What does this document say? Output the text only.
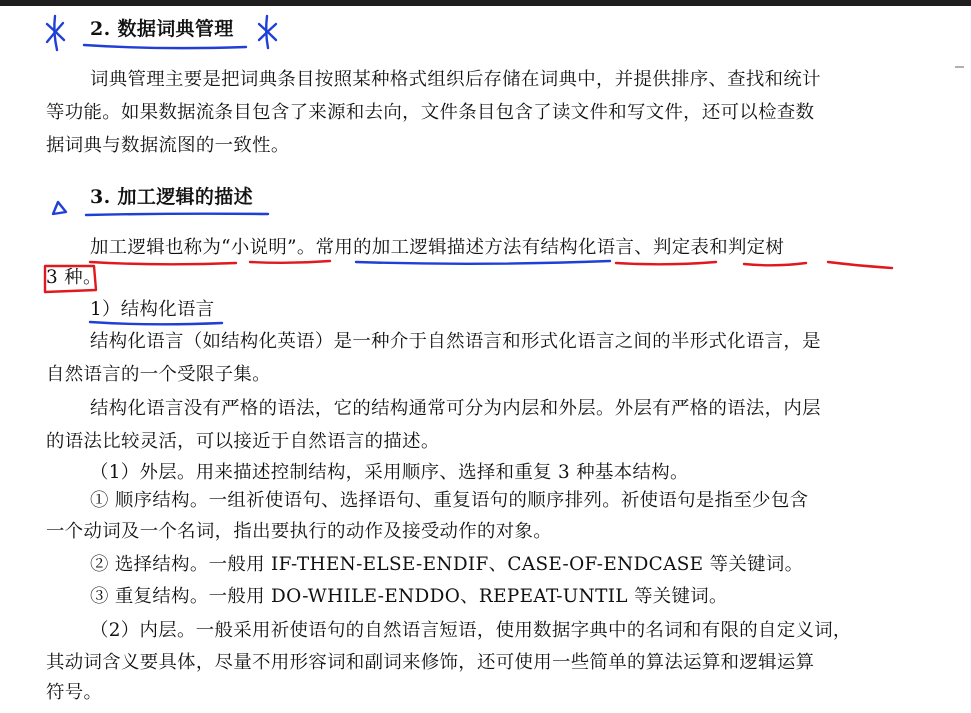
2. 数据词典管理
词典管理主要是把词典条目按照某种格式组织后存储在词典中，并提供排序、查找和统计
等功能。如果数据流条目包含了来源和去向，文件条目包含了读文件和写文件，还可以检查数
据词典与数据流图的一致性。
3. 加工逻辑的描述
加工逻辑也称为“小说明”。常用的加工逻辑描述方法有结构化语言、判定表和判定树
3 种。
1）结构化语言
结构化语言（如结构化英语）是一种介于自然语言和形式化语言之间的半形式化语言，是
自然语言的一个受限子集。
结构化语言没有严格的语法，它的结构通常可分为内层和外层。外层有严格的语法，内层
的语法比较灵活，可以接近于自然语言的描述。
（1）外层。用来描述控制结构，采用顺序、选择和重复 3 种基本结构。
① 顺序结构。一组祈使语句、选择语句、重复语句的顺序排列。祈使语句是指至少包含
一个动词及一个名词，指出要执行的动作及接受动作的对象。
② 选择结构。一般用 IF-THEN-ELSE-ENDIF、CASE-OF-ENDCASE 等关键词。
③ 重复结构。一般用 DO-WHILE-ENDDO、REPEAT-UNTIL 等关键词。
（2）内层。一般采用祈使语句的自然语言短语，使用数据字典中的名词和有限的自定义词，
其动词含义要具体，尽量不用形容词和副词来修饰，还可使用一些简单的算法运算和逻辑运算
符号。
